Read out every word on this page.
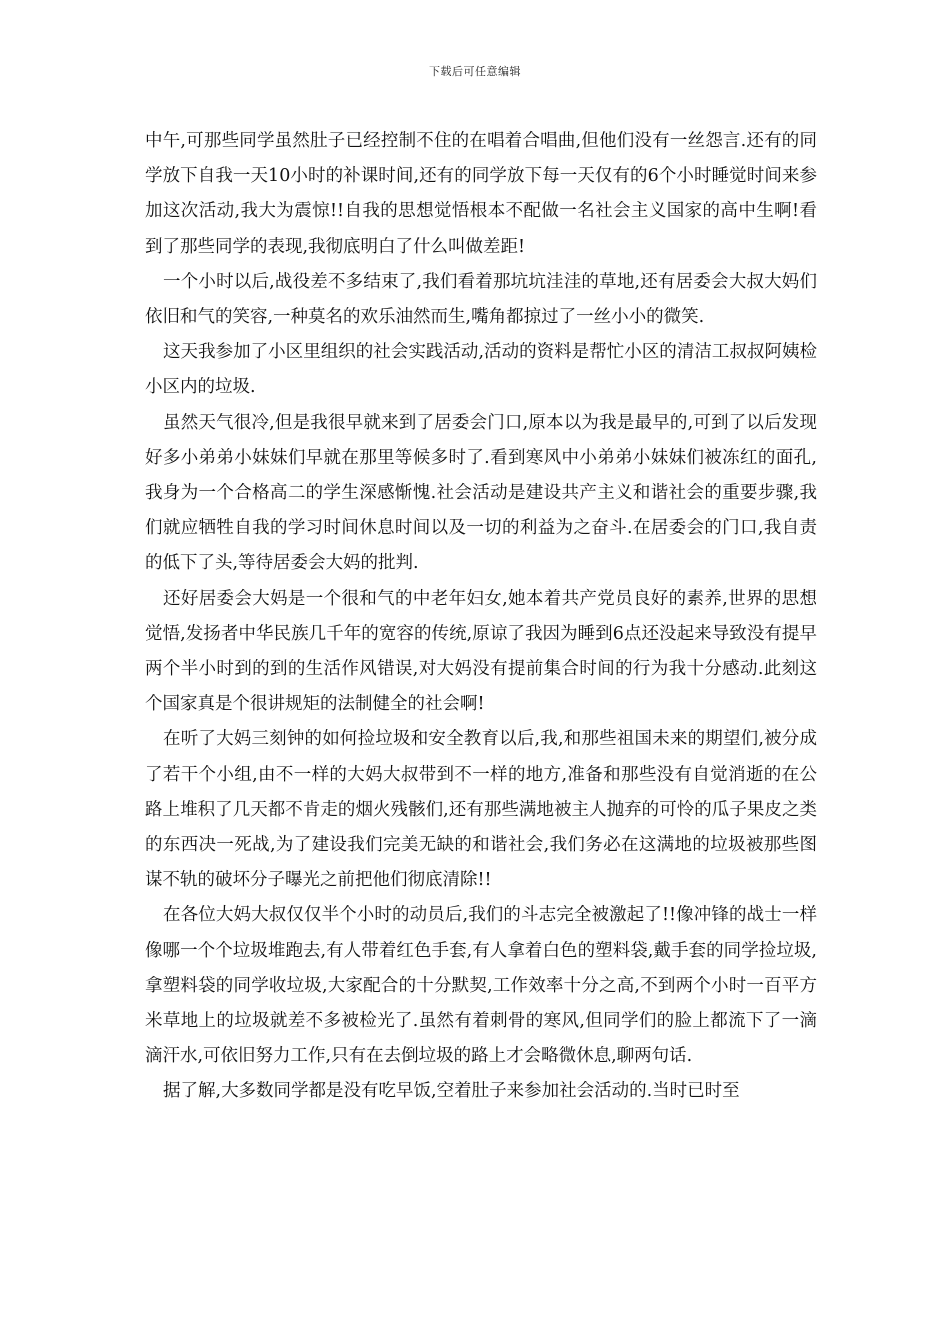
下载后可任意编辑

中午,可那些同学虽然肚子已经控制不住的在唱着合唱曲,但他们没有一丝怨言.还有的同学放下自我一天10小时的补课时间,还有的同学放下每一天仅有的6个小时睡觉时间来参加这次活动,我大为震惊!!自我的思想觉悟根本不配做一名社会主义国家的高中生啊!看到了那些同学的表现,我彻底明白了什么叫做差距!

一个小时以后,战役差不多结束了,我们看着那坑坑洼洼的草地,还有居委会大叔大妈们依旧和气的笑容,一种莫名的欢乐油然而生,嘴角都掠过了一丝小小的微笑.

这天我参加了小区里组织的社会实践活动,活动的资料是帮忙小区的清洁工叔叔阿姨检小区内的垃圾.

虽然天气很冷,但是我很早就来到了居委会门口,原本以为我是最早的,可到了以后发现好多小弟弟小妹妹们早就在那里等候多时了.看到寒风中小弟弟小妹妹们被冻红的面孔,我身为一个合格高二的学生深感惭愧.社会活动是建设共产主义和谐社会的重要步骤,我们就应牺牲自我的学习时间休息时间以及一切的利益为之奋斗.在居委会的门口,我自责的低下了头,等待居委会大妈的批判.

还好居委会大妈是一个很和气的中老年妇女,她本着共产党员良好的素养,世界的思想觉悟,发扬者中华民族几千年的宽容的传统,原谅了我因为睡到6点还没起来导致没有提早两个半小时到的到的生活作风错误,对大妈没有提前集合时间的行为我十分感动.此刻这个国家真是个很讲规矩的法制健全的社会啊!

在听了大妈三刻钟的如何捡垃圾和安全教育以后,我,和那些祖国未来的期望们,被分成了若干个小组,由不一样的大妈大叔带到不一样的地方,准备和那些没有自觉消逝的在公路上堆积了几天都不肯走的烟火残骸们,还有那些满地被主人抛弃的可怜的瓜子果皮之类的东西决一死战,为了建设我们完美无缺的和谐社会,我们务必在这满地的垃圾被那些图谋不轨的破坏分子曝光之前把他们彻底清除!!

在各位大妈大叔仅仅半个小时的动员后,我们的斗志完全被激起了!!像冲锋的战士一样像哪一个个垃圾堆跑去,有人带着红色手套,有人拿着白色的塑料袋,戴手套的同学捡垃圾,拿塑料袋的同学收垃圾,大家配合的十分默契,工作效率十分之高,不到两个小时一百平方米草地上的垃圾就差不多被检光了.虽然有着刺骨的寒风,但同学们的脸上都流下了一滴滴汗水,可依旧努力工作,只有在去倒垃圾的路上才会略微休息,聊两句话.

据了解,大多数同学都是没有吃早饭,空着肚子来参加社会活动的.当时已时至
